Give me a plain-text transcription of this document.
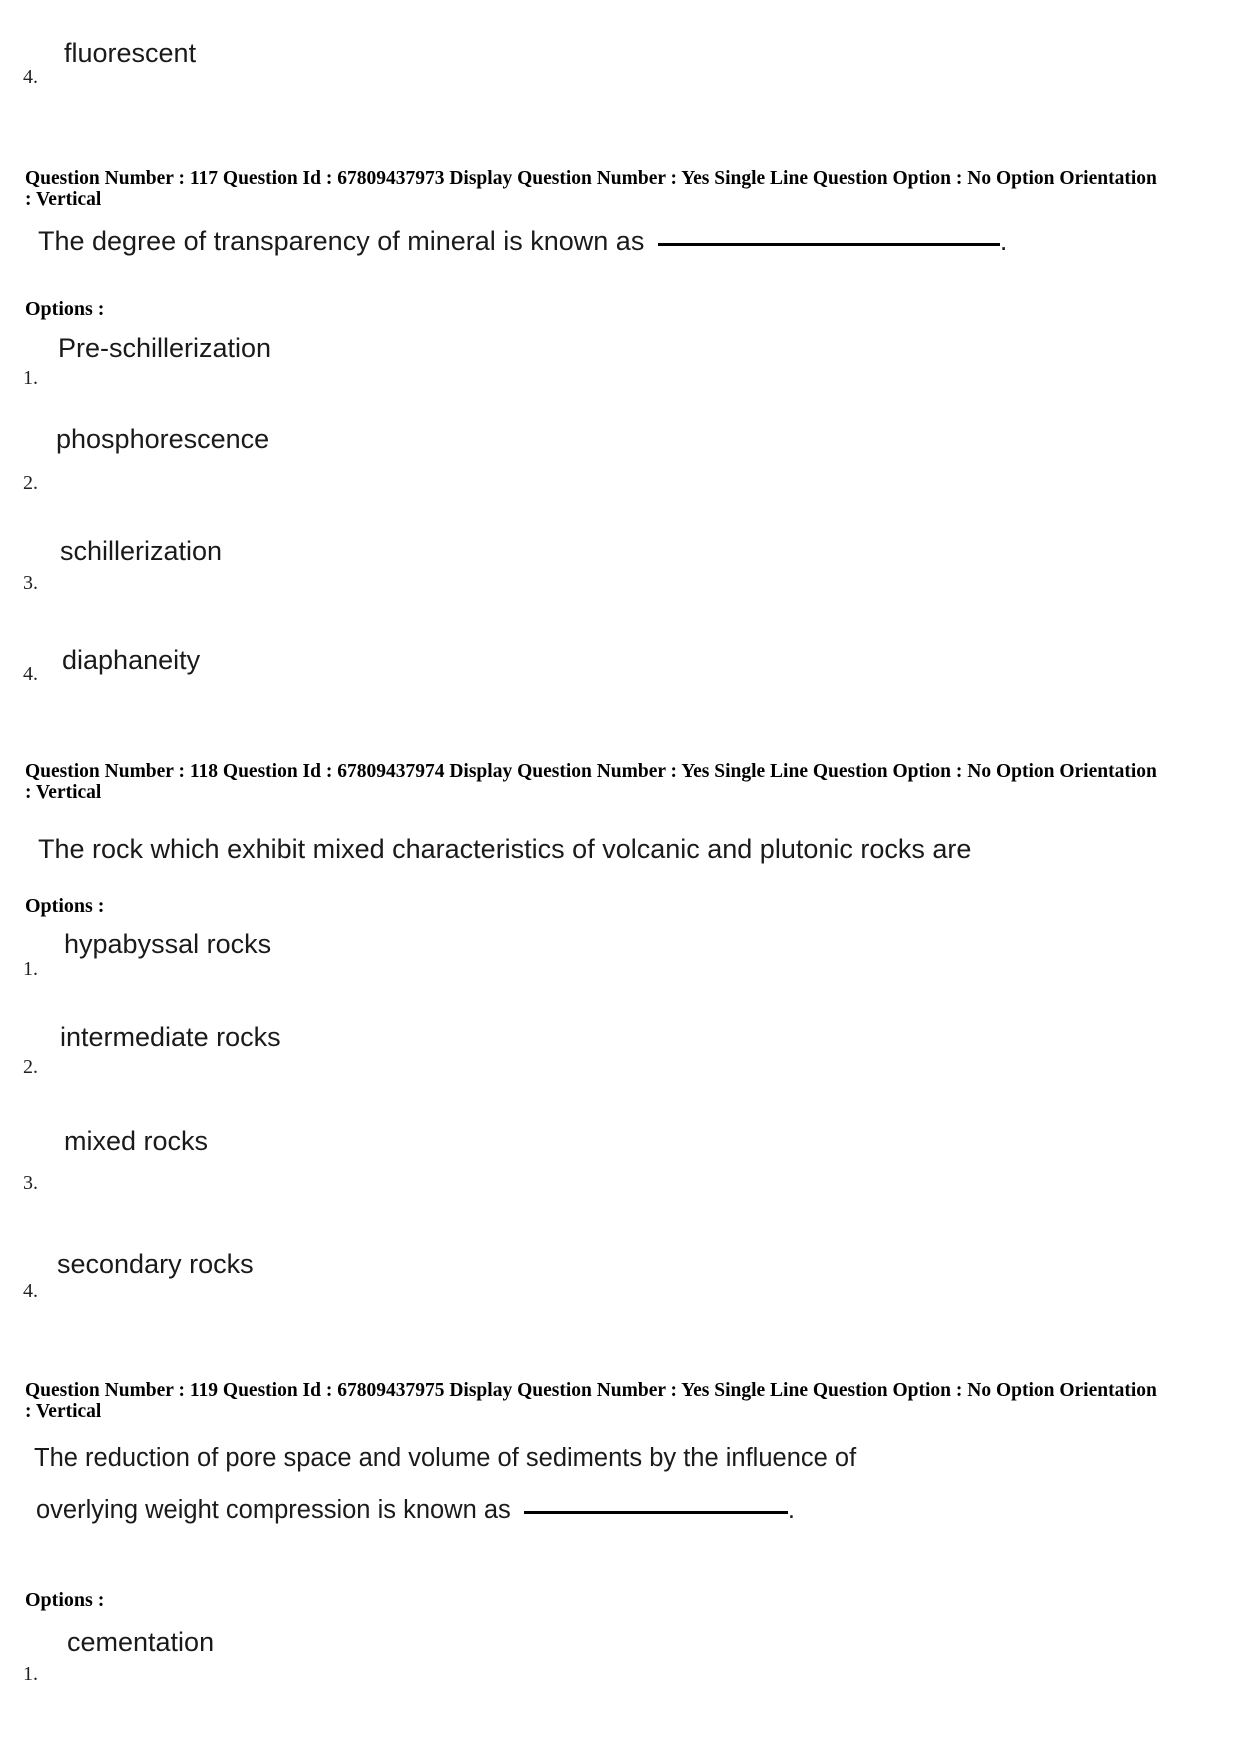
fluorescent
4.
Question Number : 117 Question Id : 67809437973 Display Question Number : Yes Single Line Question Option : No Option Orientation : Vertical
The degree of transparency of mineral is known as	.
Options :
Pre-schillerization
1.
phosphorescence
2.
schillerization
3.
diaphaneity
4.
Question Number : 118 Question Id : 67809437974 Display Question Number : Yes Single Line Question Option : No Option Orientation : Vertical
The rock which exhibit mixed characteristics of volcanic and plutonic rocks are
Options :
hypabyssal rocks
1.
intermediate rocks
2.
mixed rocks
3.
secondary rocks
4.
Question Number : 119 Question Id : 67809437975 Display Question Number : Yes Single Line Question Option : No Option Orientation : Vertical
The reduction of pore space and volume of sediments by the influence of
overlying weight compression is known as	.
Options :
cementation
1.
